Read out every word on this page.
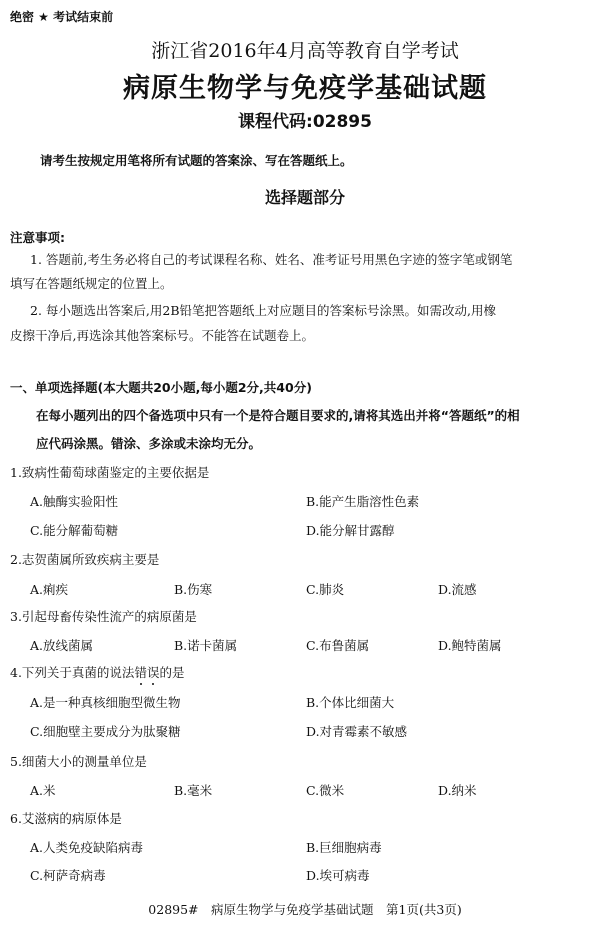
绝密 ★ 考试结束前
浙江省2016年4月高等教育自学考试
病原生物学与免疫学基础试题
课程代码:02895
请考生按规定用笔将所有试题的答案涂、写在答题纸上。
选择题部分
注意事项:
1. 答题前,考生务必将自己的考试课程名称、姓名、准考证号用黑色字迹的签字笔或钢笔
填写在答题纸规定的位置上。
2. 每小题选出答案后,用2B铅笔把答题纸上对应题目的答案标号涂黑。如需改动,用橡
皮擦干净后,再选涂其他答案标号。不能答在试题卷上。
一、单项选择题(本大题共20小题,每小题2分,共40分)
在每小题列出的四个备选项中只有一个是符合题目要求的,请将其选出并将“答题纸”的相
应代码涂黑。错涂、多涂或未涂均无分。
1.致病性葡萄球菌鉴定的主要依据是
A.触酶实验阳性	B.能产生脂溶性色素
C.能分解葡萄糖	D.能分解甘露醇
2.志贺菌属所致疾病主要是
A.痢疾	B.伤寒	C.肺炎	D.流感
3.引起母畜传染性流产的病原菌是
A.放线菌属	B.诺卡菌属	C.布鲁菌属	D.鲍特菌属
4.下列关于真菌的说法错误的是
A.是一种真核细胞型微生物	B.个体比细菌大
C.细胞壁主要成分为肽聚糖	D.对青霉素不敏感
5.细菌大小的测量单位是
A.米	B.毫米	C.微米	D.纳米
6.艾滋病的病原体是
A.人类免疫缺陷病毒	B.巨细胞病毒
C.柯萨奇病毒	D.埃可病毒
02895#　病原生物学与免疫学基础试题　第1页(共3页)
